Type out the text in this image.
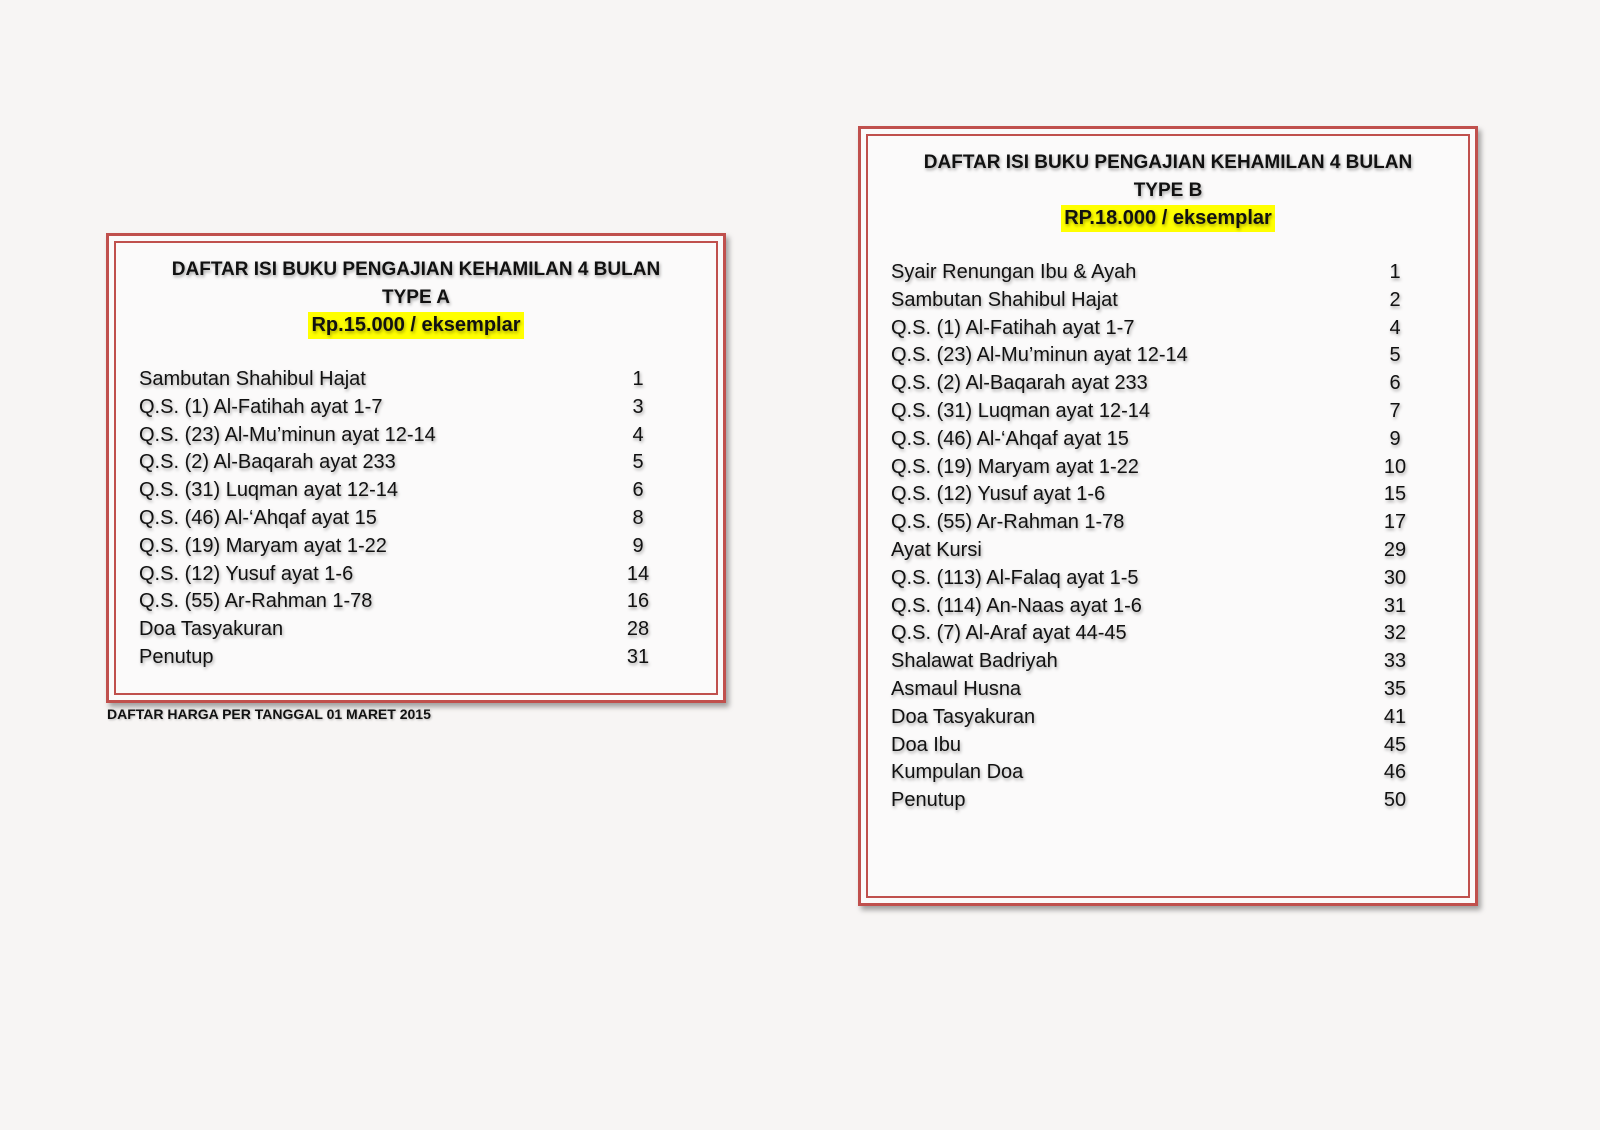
DAFTAR ISI BUKU PENGAJIAN KEHAMILAN 4 BULAN
TYPE A
Rp.15.000 / eksemplar
Sambutan Shahibul Hajat	1
Q.S. (1) Al-Fatihah ayat 1-7	3
Q.S. (23) Al-Mu’minun ayat 12-14	4
Q.S. (2) Al-Baqarah ayat 233	5
Q.S. (31) Luqman ayat 12-14	6
Q.S. (46) Al-‘Ahqaf ayat 15	8
Q.S. (19) Maryam ayat 1-22	9
Q.S. (12) Yusuf ayat 1-6	14
Q.S. (55) Ar-Rahman 1-78	16
Doa Tasyakuran	28
Penutup	31
DAFTAR HARGA PER TANGGAL 01 MARET 2015
DAFTAR ISI BUKU PENGAJIAN KEHAMILAN 4 BULAN
TYPE B
RP.18.000 / eksemplar
Syair Renungan Ibu & Ayah	1
Sambutan Shahibul Hajat	2
Q.S. (1) Al-Fatihah ayat 1-7	4
Q.S. (23) Al-Mu’minun ayat 12-14	5
Q.S. (2) Al-Baqarah ayat 233	6
Q.S. (31) Luqman ayat 12-14	7
Q.S. (46) Al-‘Ahqaf ayat 15	9
Q.S. (19) Maryam ayat 1-22	10
Q.S. (12) Yusuf ayat 1-6	15
Q.S. (55) Ar-Rahman 1-78	17
Ayat Kursi	29
Q.S. (113) Al-Falaq ayat 1-5	30
Q.S. (114) An-Naas ayat 1-6	31
Q.S. (7) Al-Araf ayat 44-45	32
Shalawat Badriyah	33
Asmaul Husna	35
Doa Tasyakuran	41
Doa Ibu	45
Kumpulan Doa	46
Penutup	50
